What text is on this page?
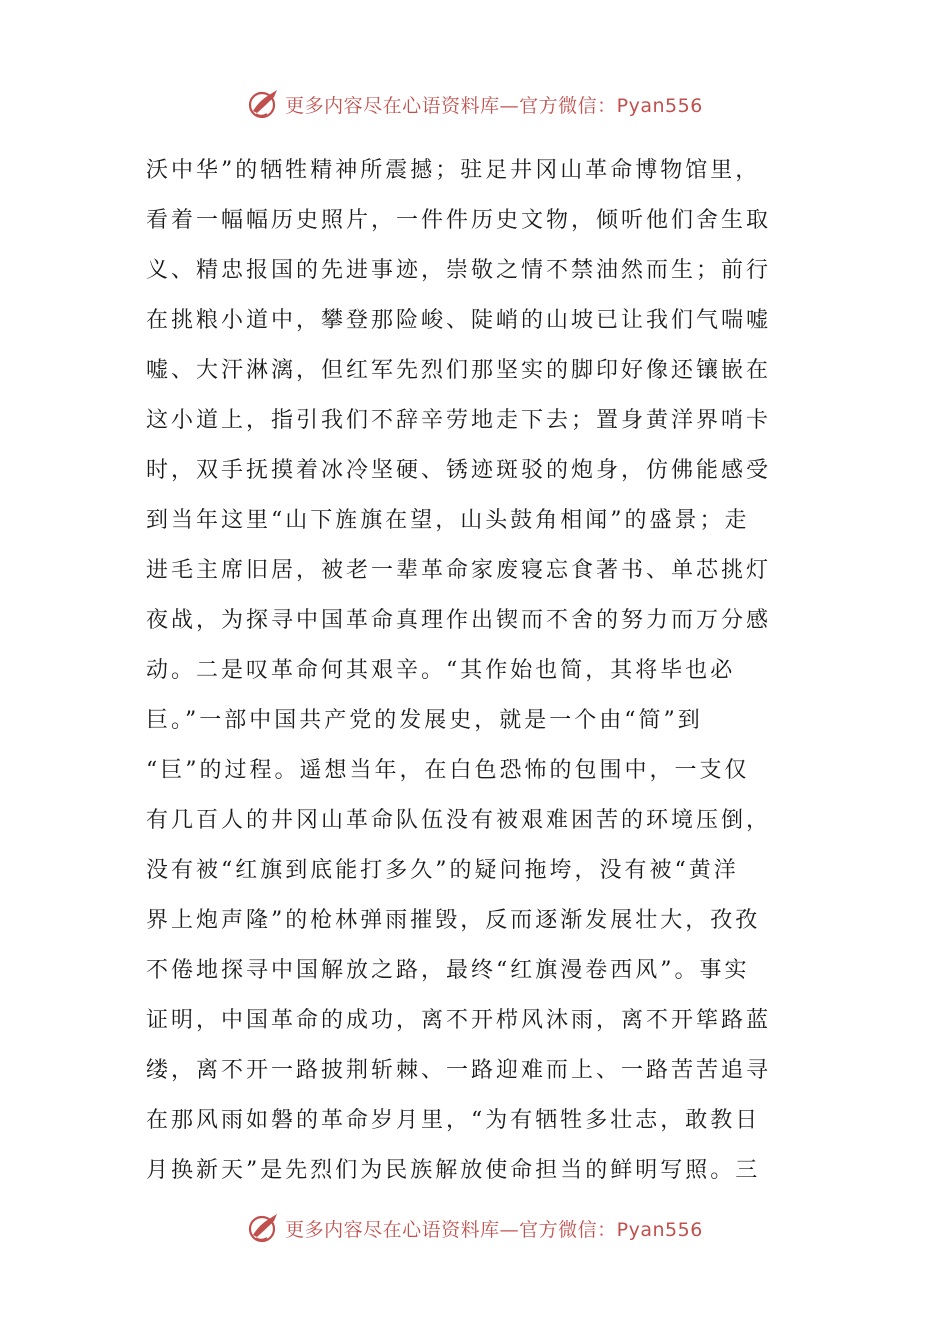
更多内容尽在心语资料库—官方微信：Pyan556
沃中华”的牺牲精神所震撼；驻足井冈山革命博物馆里，
看着一幅幅历史照片，一件件历史文物，倾听他们舍生取
义、精忠报国的先进事迹，崇敬之情不禁油然而生；前行
在挑粮小道中，攀登那险峻、陡峭的山坡已让我们气喘嘘
嘘、大汗淋漓，但红军先烈们那坚实的脚印好像还镶嵌在
这小道上，指引我们不辞辛劳地走下去；置身黄洋界哨卡
时，双手抚摸着冰冷坚硬、锈迹斑驳的炮身，仿佛能感受
到当年这里“山下旌旗在望，山头鼓角相闻”的盛景；走
进毛主席旧居，被老一辈革命家废寝忘食著书、单芯挑灯
夜战，为探寻中国革命真理作出锲而不舍的努力而万分感
动。二是叹革命何其艰辛。“其作始也简，其将毕也必
巨。”一部中国共产党的发展史，就是一个由“简”到
“巨”的过程。遥想当年，在白色恐怖的包围中，一支仅
有几百人的井冈山革命队伍没有被艰难困苦的环境压倒，
没有被“红旗到底能打多久”的疑问拖垮，没有被“黄洋
界上炮声隆”的枪林弹雨摧毁，反而逐渐发展壮大，孜孜
不倦地探寻中国解放之路，最终“红旗漫卷西风”。事实
证明，中国革命的成功，离不开栉风沐雨，离不开筚路蓝
缕，离不开一路披荆斩棘、一路迎难而上、一路苦苦追寻
在那风雨如磐的革命岁月里，“为有牺牲多壮志，敢教日
月换新天”是先烈们为民族解放使命担当的鲜明写照。三
更多内容尽在心语资料库—官方微信：Pyan556
